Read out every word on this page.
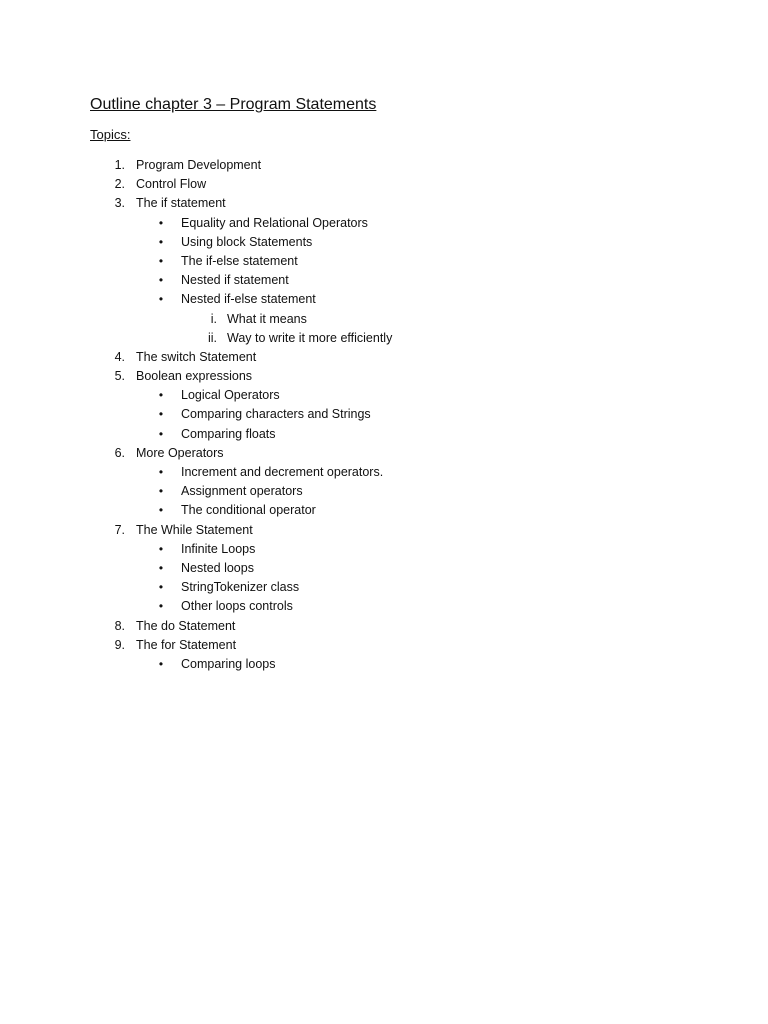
Outline chapter 3 – Program Statements
Topics:
1. Program Development
2. Control Flow
3. The if statement
•	Equality and Relational Operators
•	Using block Statements
•	The if-else statement
•	Nested if statement
•	Nested if-else statement
i. What it means
ii. Way to write it more efficiently
4. The switch Statement
5. Boolean expressions
•	Logical Operators
•	Comparing characters and Strings
•	Comparing floats
6. More Operators
•	Increment and decrement operators.
•	Assignment operators
•	The conditional operator
7. The While Statement
•	Infinite Loops
•	Nested loops
•	StringTokenizer class
•	Other loops controls
8. The do Statement
9. The for Statement
•	Comparing loops
